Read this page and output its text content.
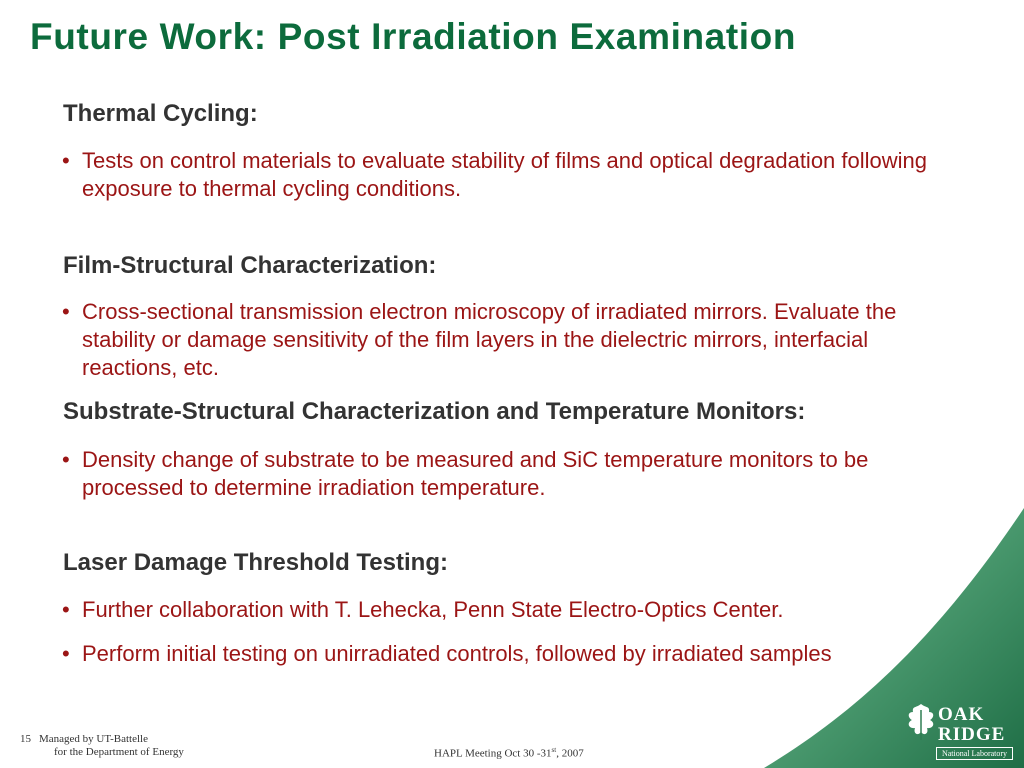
Future Work: Post Irradiation Examination
Thermal Cycling:
• Tests on control materials to evaluate stability of films and optical degradation following exposure to thermal cycling conditions.
Film-Structural Characterization:
• Cross-sectional transmission electron microscopy of irradiated mirrors. Evaluate the stability or damage sensitivity of the film layers in the dielectric mirrors, interfacial reactions, etc.
Substrate-Structural Characterization and Temperature Monitors:
• Density change of substrate to be measured and SiC temperature monitors to be processed to determine irradiation temperature.
Laser Damage Threshold Testing:
• Further collaboration with T. Lehecka, Penn State Electro-Optics Center.
• Perform initial testing on unirradiated controls, followed by irradiated samples
15 Managed by UT-Battelle
for the Department of Energy	HAPL Meeting Oct 30 -31st, 2007
OAK
RIDGE
National Laboratory
